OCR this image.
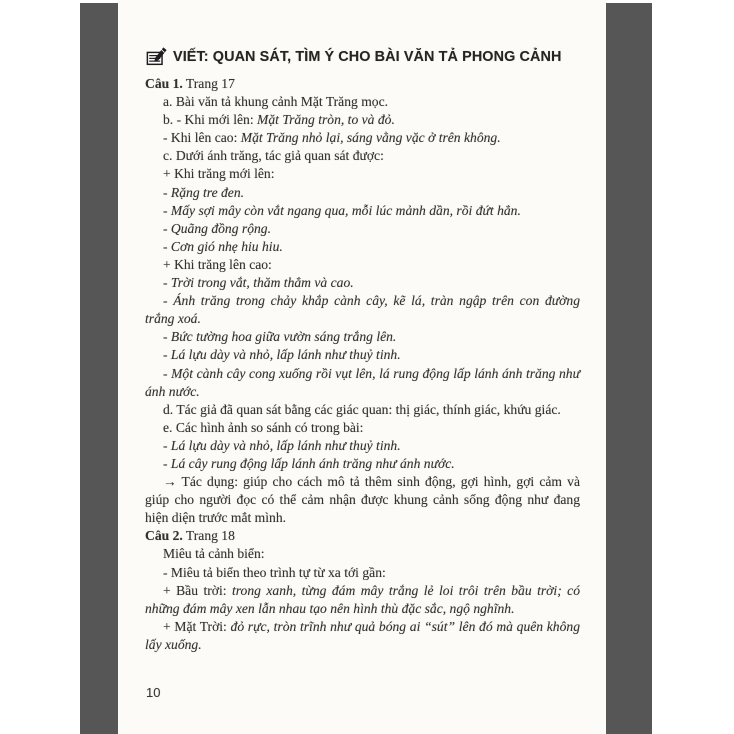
VIẾT: QUAN SÁT, TÌM Ý CHO BÀI VĂN TẢ PHONG CẢNH

Câu 1. Trang 17

a. Bài văn tả khung cảnh Mặt Trăng mọc.

b. - Khi mới lên: Mặt Trăng tròn, to và đỏ.

- Khi lên cao: Mặt Trăng nhỏ lại, sáng vằng vặc ở trên không.

c. Dưới ánh trăng, tác giả quan sát được:

+ Khi trăng mới lên:

- Rặng tre đen.

- Mấy sợi mây còn vắt ngang qua, mỗi lúc mảnh dần, rồi đứt hẳn.

- Quãng đồng rộng.

- Cơn gió nhẹ hiu hiu.

+ Khi trăng lên cao:

- Trời trong vắt, thăm thẳm và cao.

- Ánh trăng trong chảy khắp cành cây, kẽ lá, tràn ngập trên con đường trắng xoá.

- Bức tường hoa giữa vườn sáng trắng lên.

- Lá lựu dày và nhỏ, lấp lánh như thuỷ tinh.

- Một cành cây cong xuống rồi vụt lên, lá rung động lấp lánh ánh trăng như ánh nước.

d. Tác giả đã quan sát bằng các giác quan: thị giác, thính giác, khứu giác.

e. Các hình ảnh so sánh có trong bài:

- Lá lựu dày và nhỏ, lấp lánh như thuỷ tinh.

- Lá cây rung động lấp lánh ánh trăng như ánh nước.

→ Tác dụng: giúp cho cách mô tả thêm sinh động, gợi hình, gợi cảm và giúp cho người đọc có thể cảm nhận được khung cảnh sống động như đang hiện diện trước mắt mình.

Câu 2. Trang 18

Miêu tả cảnh biển:

- Miêu tả biển theo trình tự từ xa tới gần:

+ Bầu trời: trong xanh, từng đám mây trắng lẻ loi trôi trên bầu trời; có những đám mây xen lẫn nhau tạo nên hình thù đặc sắc, ngộ nghĩnh.

+ Mặt Trời: đỏ rực, tròn trĩnh như quả bóng ai “sút” lên đó mà quên không lấy xuống.

10
